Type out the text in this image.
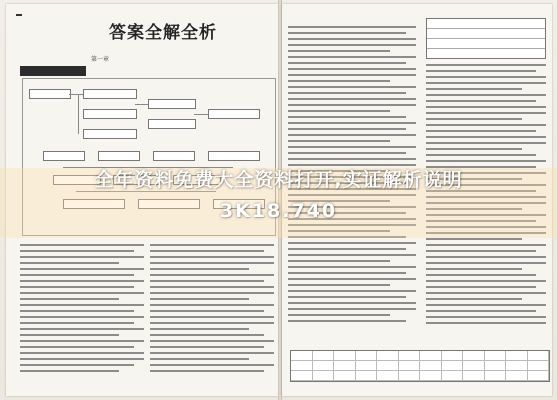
答案全解全析
第一章
全年资料免费大全资料打开,实证解析说明
3K18.740
